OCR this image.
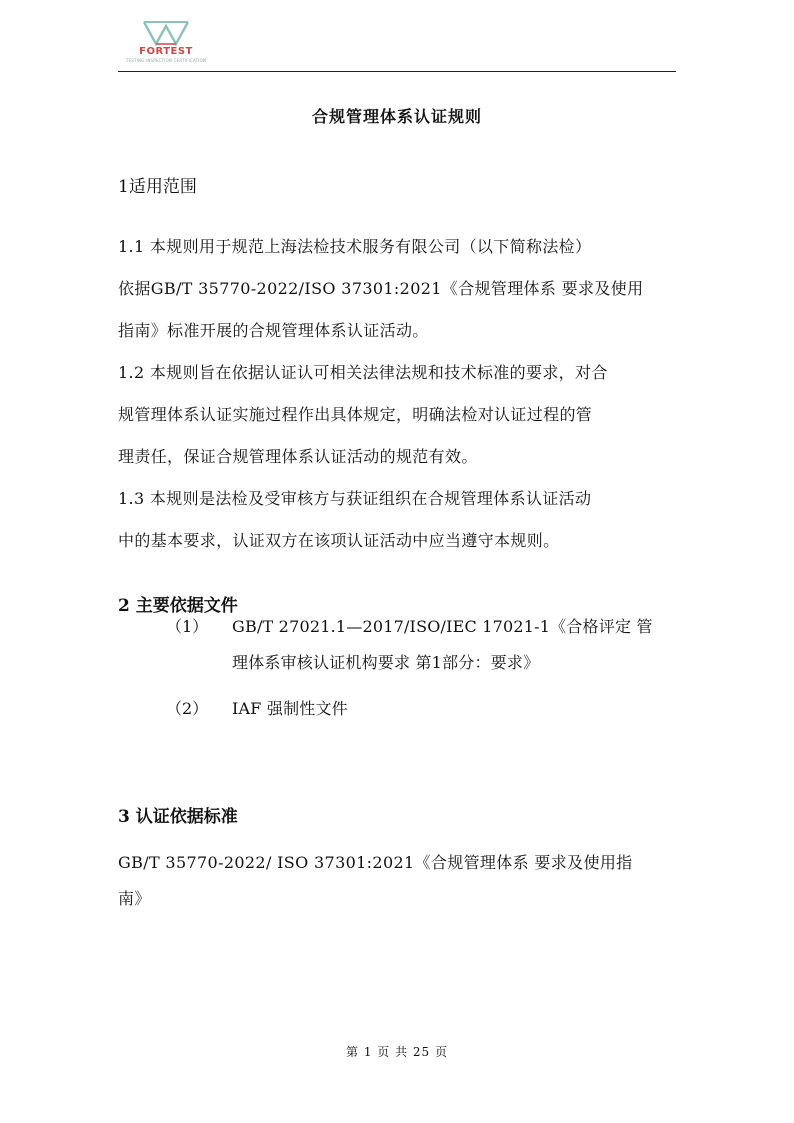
FORTEST
TESTING INSPECTION CERTIFICATION
合规管理体系认证规则
1适用范围
1.1 本规则用于规范上海法检技术服务有限公司（以下简称法检）
依据GB/T 35770-2022/ISO 37301:2021《合规管理体系 要求及使用
指南》标准开展的合规管理体系认证活动。
1.2 本规则旨在依据认证认可相关法律法规和技术标准的要求，对合
规管理体系认证实施过程作出具体规定，明确法检对认证过程的管
理责任，保证合规管理体系认证活动的规范有效。
1.3 本规则是法检及受审核方与获证组织在合规管理体系认证活动
中的基本要求，认证双方在该项认证活动中应当遵守本规则。
2 主要依据文件
（1） GB/T 27021.1—2017/ISO/IEC 17021-1《合格评定 管
理体系审核认证机构要求 第1部分：要求》
（2） IAF 强制性文件
3 认证依据标准
GB/T 35770-2022/ ISO 37301:2021《合规管理体系 要求及使用指
南》
第 1 页 共 25 页
